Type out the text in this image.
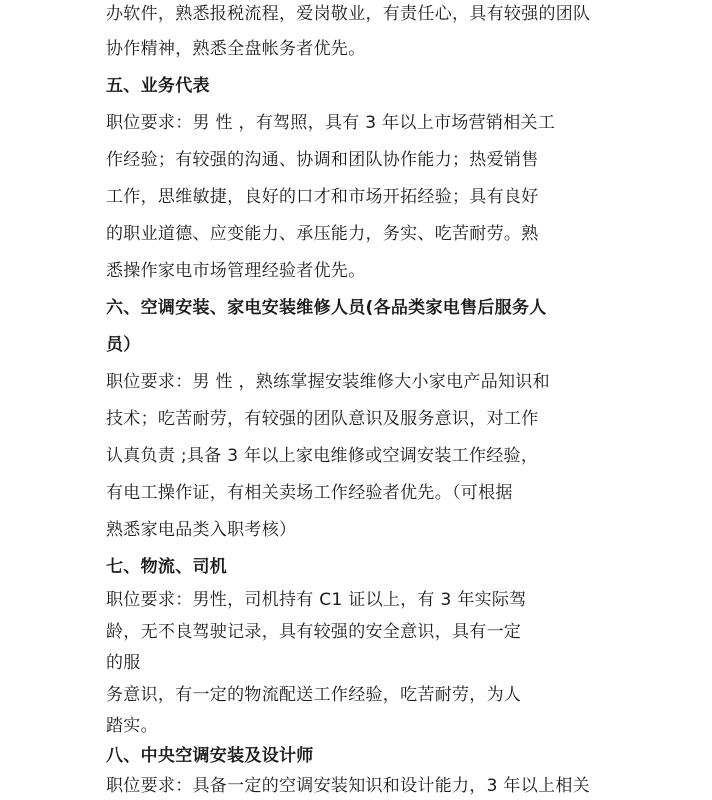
办软件，熟悉报税流程，爱岗敬业，有责任心，具有较强的团队
协作精神，熟悉全盘帐务者优先。
五、业务代表
职位要求：男 性 ，有驾照，具有 3 年以上市场营销相关工
作经验；有较强的沟通、协调和团队协作能力；热爱销售
工作，思维敏捷，良好的口才和市场开拓经验；具有良好
的职业道德、应变能力、承压能力，务实、吃苦耐劳。熟
悉操作家电市场管理经验者优先。
六、空调安装、家电安装维修人员(各品类家电售后服务人
员）
职位要求：男 性 ，熟练掌握安装维修大小家电产品知识和
技术；吃苦耐劳，有较强的团队意识及服务意识，对工作
认真负责 ;具备 3 年以上家电维修或空调安装工作经验，
有电工操作证，有相关卖场工作经验者优先。（可根据
熟悉家电品类入职考核）
七、物流、司机
职位要求：男性，司机持有 C1 证以上，有 3 年实际驾
龄，无不良驾驶记录，具有较强的安全意识，具有一定
的服
务意识，有一定的物流配送工作经验，吃苦耐劳，为人
踏实。
八、中央空调安装及设计师
职位要求：具备一定的空调安装知识和设计能力，3 年以上相关
